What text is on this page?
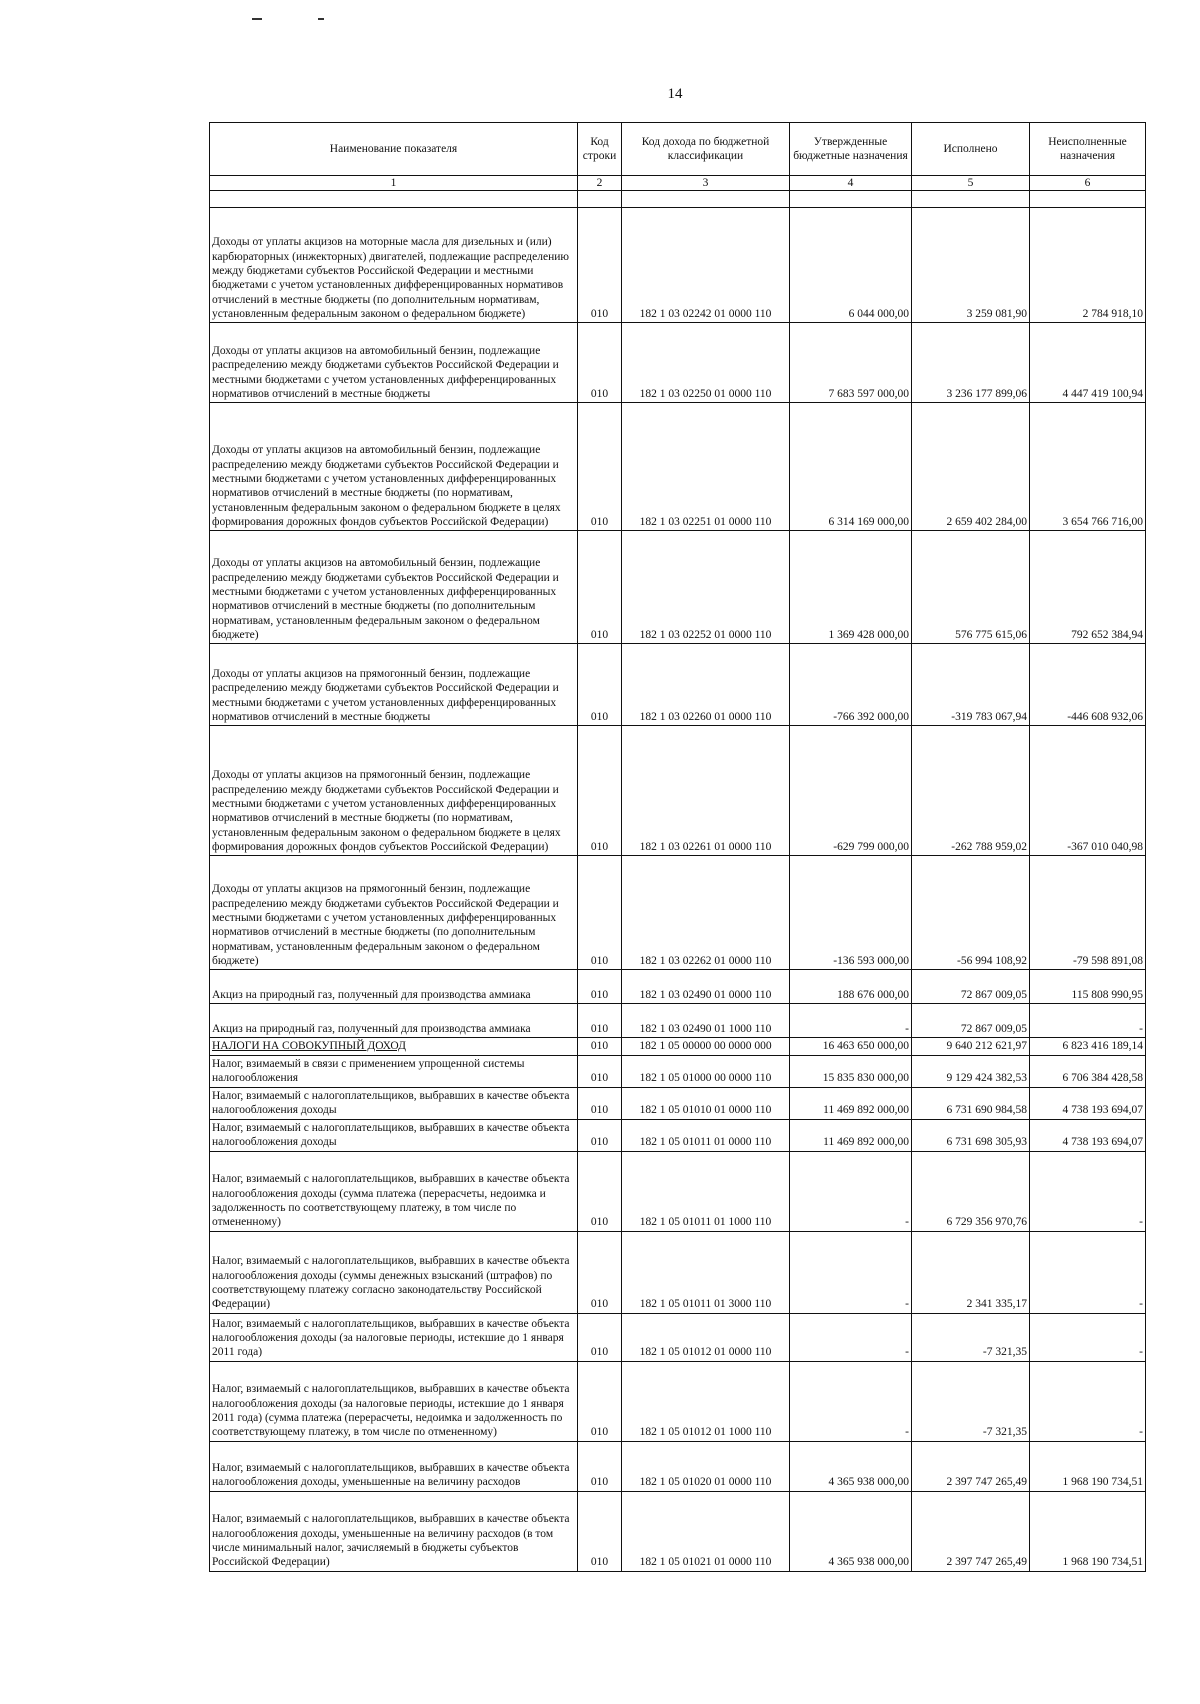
14
Наименование показателя	Код строки	Код дохода по бюджетной классификации	Утвержденные бюджетные назначения	Исполнено	Неисполненные назначения
1	2	3	4	5	6

Доходы от уплаты акцизов на моторные масла для дизельных и (или) карбюраторных (инжекторных) двигателей, подлежащие распределению между бюджетами субъектов Российской Федерации и местными бюджетами с учетом установленных дифференцированных нормативов отчислений в местные бюджеты (по дополнительным нормативам, установленным федеральным законом о федеральном бюджете)	010	182 1 03 02242 01 0000 110	6 044 000,00	3 259 081,90	2 784 918,10
Доходы от уплаты акцизов на автомобильный бензин, подлежащие распределению между бюджетами субъектов Российской Федерации и местными бюджетами с учетом установленных дифференцированных нормативов отчислений в местные бюджеты	010	182 1 03 02250 01 0000 110	7 683 597 000,00	3 236 177 899,06	4 447 419 100,94
Доходы от уплаты акцизов на автомобильный бензин, подлежащие распределению между бюджетами субъектов Российской Федерации и местными бюджетами с учетом установленных дифференцированных нормативов отчислений в местные бюджеты (по нормативам, установленным федеральным законом о федеральном бюджете в целях формирования дорожных фондов субъектов Российской Федерации)	010	182 1 03 02251 01 0000 110	6 314 169 000,00	2 659 402 284,00	3 654 766 716,00
Доходы от уплаты акцизов на автомобильный бензин, подлежащие распределению между бюджетами субъектов Российской Федерации и местными бюджетами с учетом установленных дифференцированных нормативов отчислений в местные бюджеты (по дополнительным нормативам, установленным федеральным законом о федеральном бюджете)	010	182 1 03 02252 01 0000 110	1 369 428 000,00	576 775 615,06	792 652 384,94
Доходы от уплаты акцизов на прямогонный бензин, подлежащие распределению между бюджетами субъектов Российской Федерации и местными бюджетами с учетом установленных дифференцированных нормативов отчислений в местные бюджеты	010	182 1 03 02260 01 0000 110	-766 392 000,00	-319 783 067,94	-446 608 932,06
Доходы от уплаты акцизов на прямогонный бензин, подлежащие распределению между бюджетами субъектов Российской Федерации и местными бюджетами с учетом установленных дифференцированных нормативов отчислений в местные бюджеты (по нормативам, установленным федеральным законом о федеральном бюджете в целях формирования дорожных фондов субъектов Российской Федерации)	010	182 1 03 02261 01 0000 110	-629 799 000,00	-262 788 959,02	-367 010 040,98
Доходы от уплаты акцизов на прямогонный бензин, подлежащие распределению между бюджетами субъектов Российской Федерации и местными бюджетами с учетом установленных дифференцированных нормативов отчислений в местные бюджеты (по дополнительным нормативам, установленным федеральным законом о федеральном бюджете)	010	182 1 03 02262 01 0000 110	-136 593 000,00	-56 994 108,92	-79 598 891,08
Акциз на природный газ, полученный для производства аммиака	010	182 1 03 02490 01 0000 110	188 676 000,00	72 867 009,05	115 808 990,95
Акциз на природный газ, полученный для производства аммиака	010	182 1 03 02490 01 1000 110	-	72 867 009,05	-
НАЛОГИ НА СОВОКУПНЫЙ ДОХОД	010	182 1 05 00000 00 0000 000	16 463 650 000,00	9 640 212 621,97	6 823 416 189,14
Налог, взимаемый в связи с применением упрощенной системы налогообложения	010	182 1 05 01000 00 0000 110	15 835 830 000,00	9 129 424 382,53	6 706 384 428,58
Налог, взимаемый с налогоплательщиков, выбравших в качестве объекта налогообложения доходы	010	182 1 05 01010 01 0000 110	11 469 892 000,00	6 731 690 984,58	4 738 193 694,07
Налог, взимаемый с налогоплательщиков, выбравших в качестве объекта налогообложения доходы	010	182 1 05 01011 01 0000 110	11 469 892 000,00	6 731 698 305,93	4 738 193 694,07
Налог, взимаемый с налогоплательщиков, выбравших в качестве объекта налогообложения доходы (сумма платежа (перерасчеты, недоимка и задолженность по соответствующему платежу, в том числе по отмененному)	010	182 1 05 01011 01 1000 110	-	6 729 356 970,76	-
Налог, взимаемый с налогоплательщиков, выбравших в качестве объекта налогообложения доходы (суммы денежных взысканий (штрафов) по соответствующему платежу согласно законодательству Российской Федерации)	010	182 1 05 01011 01 3000 110	-	2 341 335,17	-
Налог, взимаемый с налогоплательщиков, выбравших в качестве объекта налогообложения доходы (за налоговые периоды, истекшие до 1 января 2011 года)	010	182 1 05 01012 01 0000 110	-	-7 321,35	-
Налог, взимаемый с налогоплательщиков, выбравших в качестве объекта налогообложения доходы (за налоговые периоды, истекшие до 1 января 2011 года) (сумма платежа (перерасчеты, недоимка и задолженность по соответствующему платежу, в том числе по отмененному)	010	182 1 05 01012 01 1000 110	-	-7 321,35	-
Налог, взимаемый с налогоплательщиков, выбравших в качестве объекта налогообложения доходы, уменьшенные на величину расходов	010	182 1 05 01020 01 0000 110	4 365 938 000,00	2 397 747 265,49	1 968 190 734,51
Налог, взимаемый с налогоплательщиков, выбравших в качестве объекта налогообложения доходы, уменьшенные на величину расходов (в том числе минимальный налог, зачисляемый в бюджеты субъектов Российской Федерации)	010	182 1 05 01021 01 0000 110	4 365 938 000,00	2 397 747 265,49	1 968 190 734,51
